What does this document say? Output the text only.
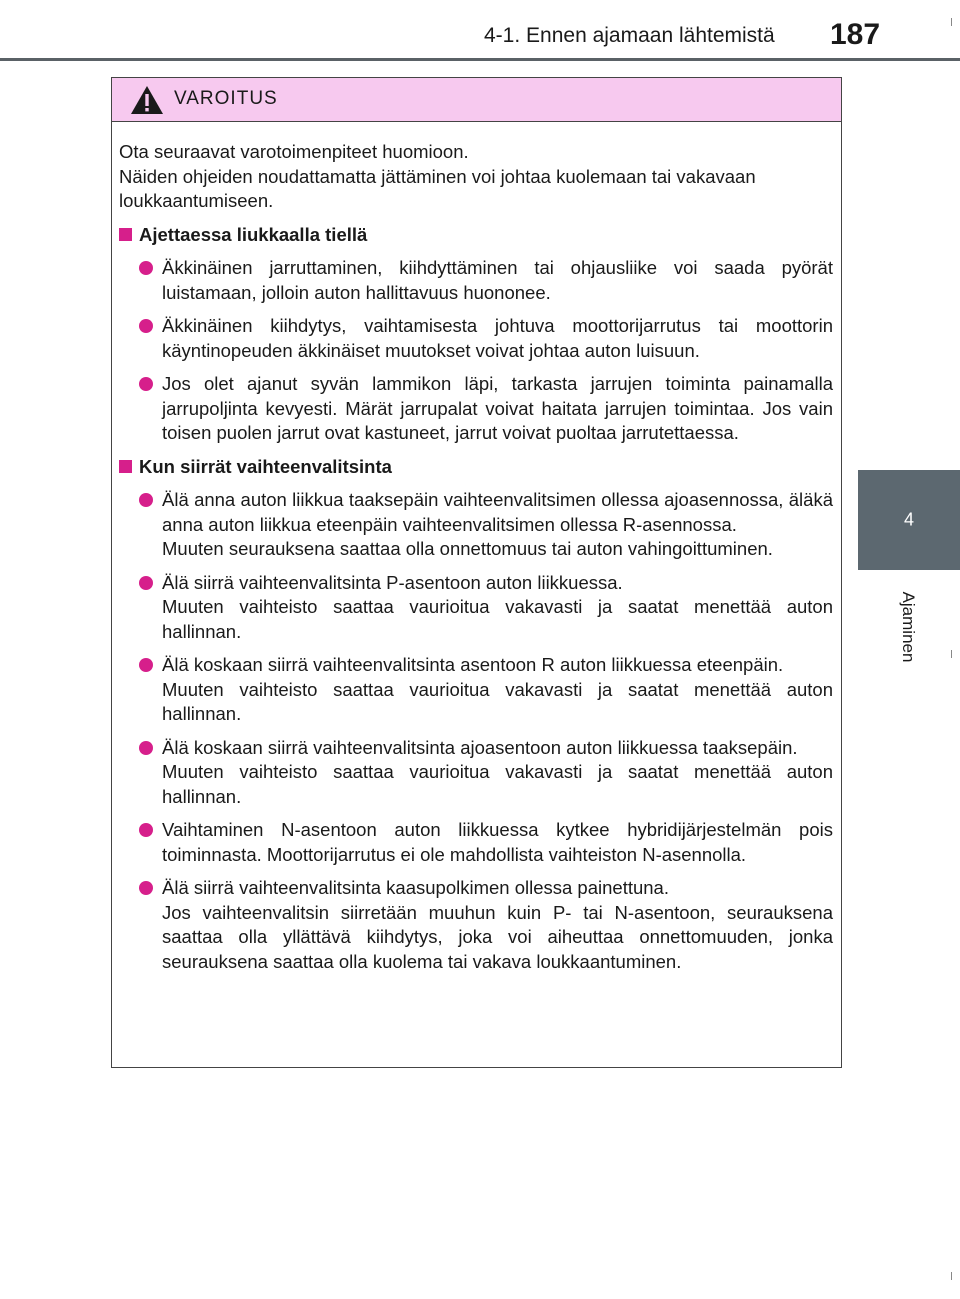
4-1. Ennen ajamaan lähtemistä 187
4
Ajaminen
VAROITUS

Ota seuraavat varotoimenpiteet huomioon.

Näiden ohjeiden noudattamatta jättäminen voi johtaa kuolemaan tai vakavaan loukkaantumiseen.

Ajettaessa liukkaalla tiellä

Äkkinäinen jarruttaminen, kiihdyttäminen tai ohjausliike voi saada pyörät luistamaan, jolloin auton hallittavuus huononee.

Äkkinäinen kiihdytys, vaihtamisesta johtuva moottorijarrutus tai moottorin käyntinopeuden äkkinäiset muutokset voivat johtaa auton luisuun.

Jos olet ajanut syvän lammikon läpi, tarkasta jarrujen toiminta painamalla jarrupoljinta kevyesti. Märät jarrupalat voivat haitata jarrujen toimintaa. Jos vain toisen puolen jarrut ovat kastuneet, jarrut voivat puoltaa jarrutettaessa.

Kun siirrät vaihteenvalitsinta

Älä anna auton liikkua taaksepäin vaihteenvalitsimen ollessa ajoasennossa, äläkä anna auton liikkua eteenpäin vaihteenvalitsimen ollessa R-asennossa.

Muuten seurauksena saattaa olla onnettomuus tai auton vahingoittuminen.

Älä siirrä vaihteenvalitsinta P-asentoon auton liikkuessa.

Muuten vaihteisto saattaa vaurioitua vakavasti ja saatat menettää auton hallinnan.

Älä koskaan siirrä vaihteenvalitsinta asentoon R auton liikkuessa eteenpäin.

Muuten vaihteisto saattaa vaurioitua vakavasti ja saatat menettää auton hallinnan.

Älä koskaan siirrä vaihteenvalitsinta ajoasentoon auton liikkuessa taaksepäin.

Muuten vaihteisto saattaa vaurioitua vakavasti ja saatat menettää auton hallinnan.

Vaihtaminen N-asentoon auton liikkuessa kytkee hybridijärjestelmän pois toiminnasta. Moottorijarrutus ei ole mahdollista vaihteiston N-asennolla.

Älä siirrä vaihteenvalitsinta kaasupolkimen ollessa painettuna.

Jos vaihteenvalitsin siirretään muuhun kuin P- tai N-asentoon, seurauksena saattaa olla yllättävä kiihdytys, joka voi aiheuttaa onnettomuuden, jonka seurauksena saattaa olla kuolema tai vakava loukkaantuminen.
